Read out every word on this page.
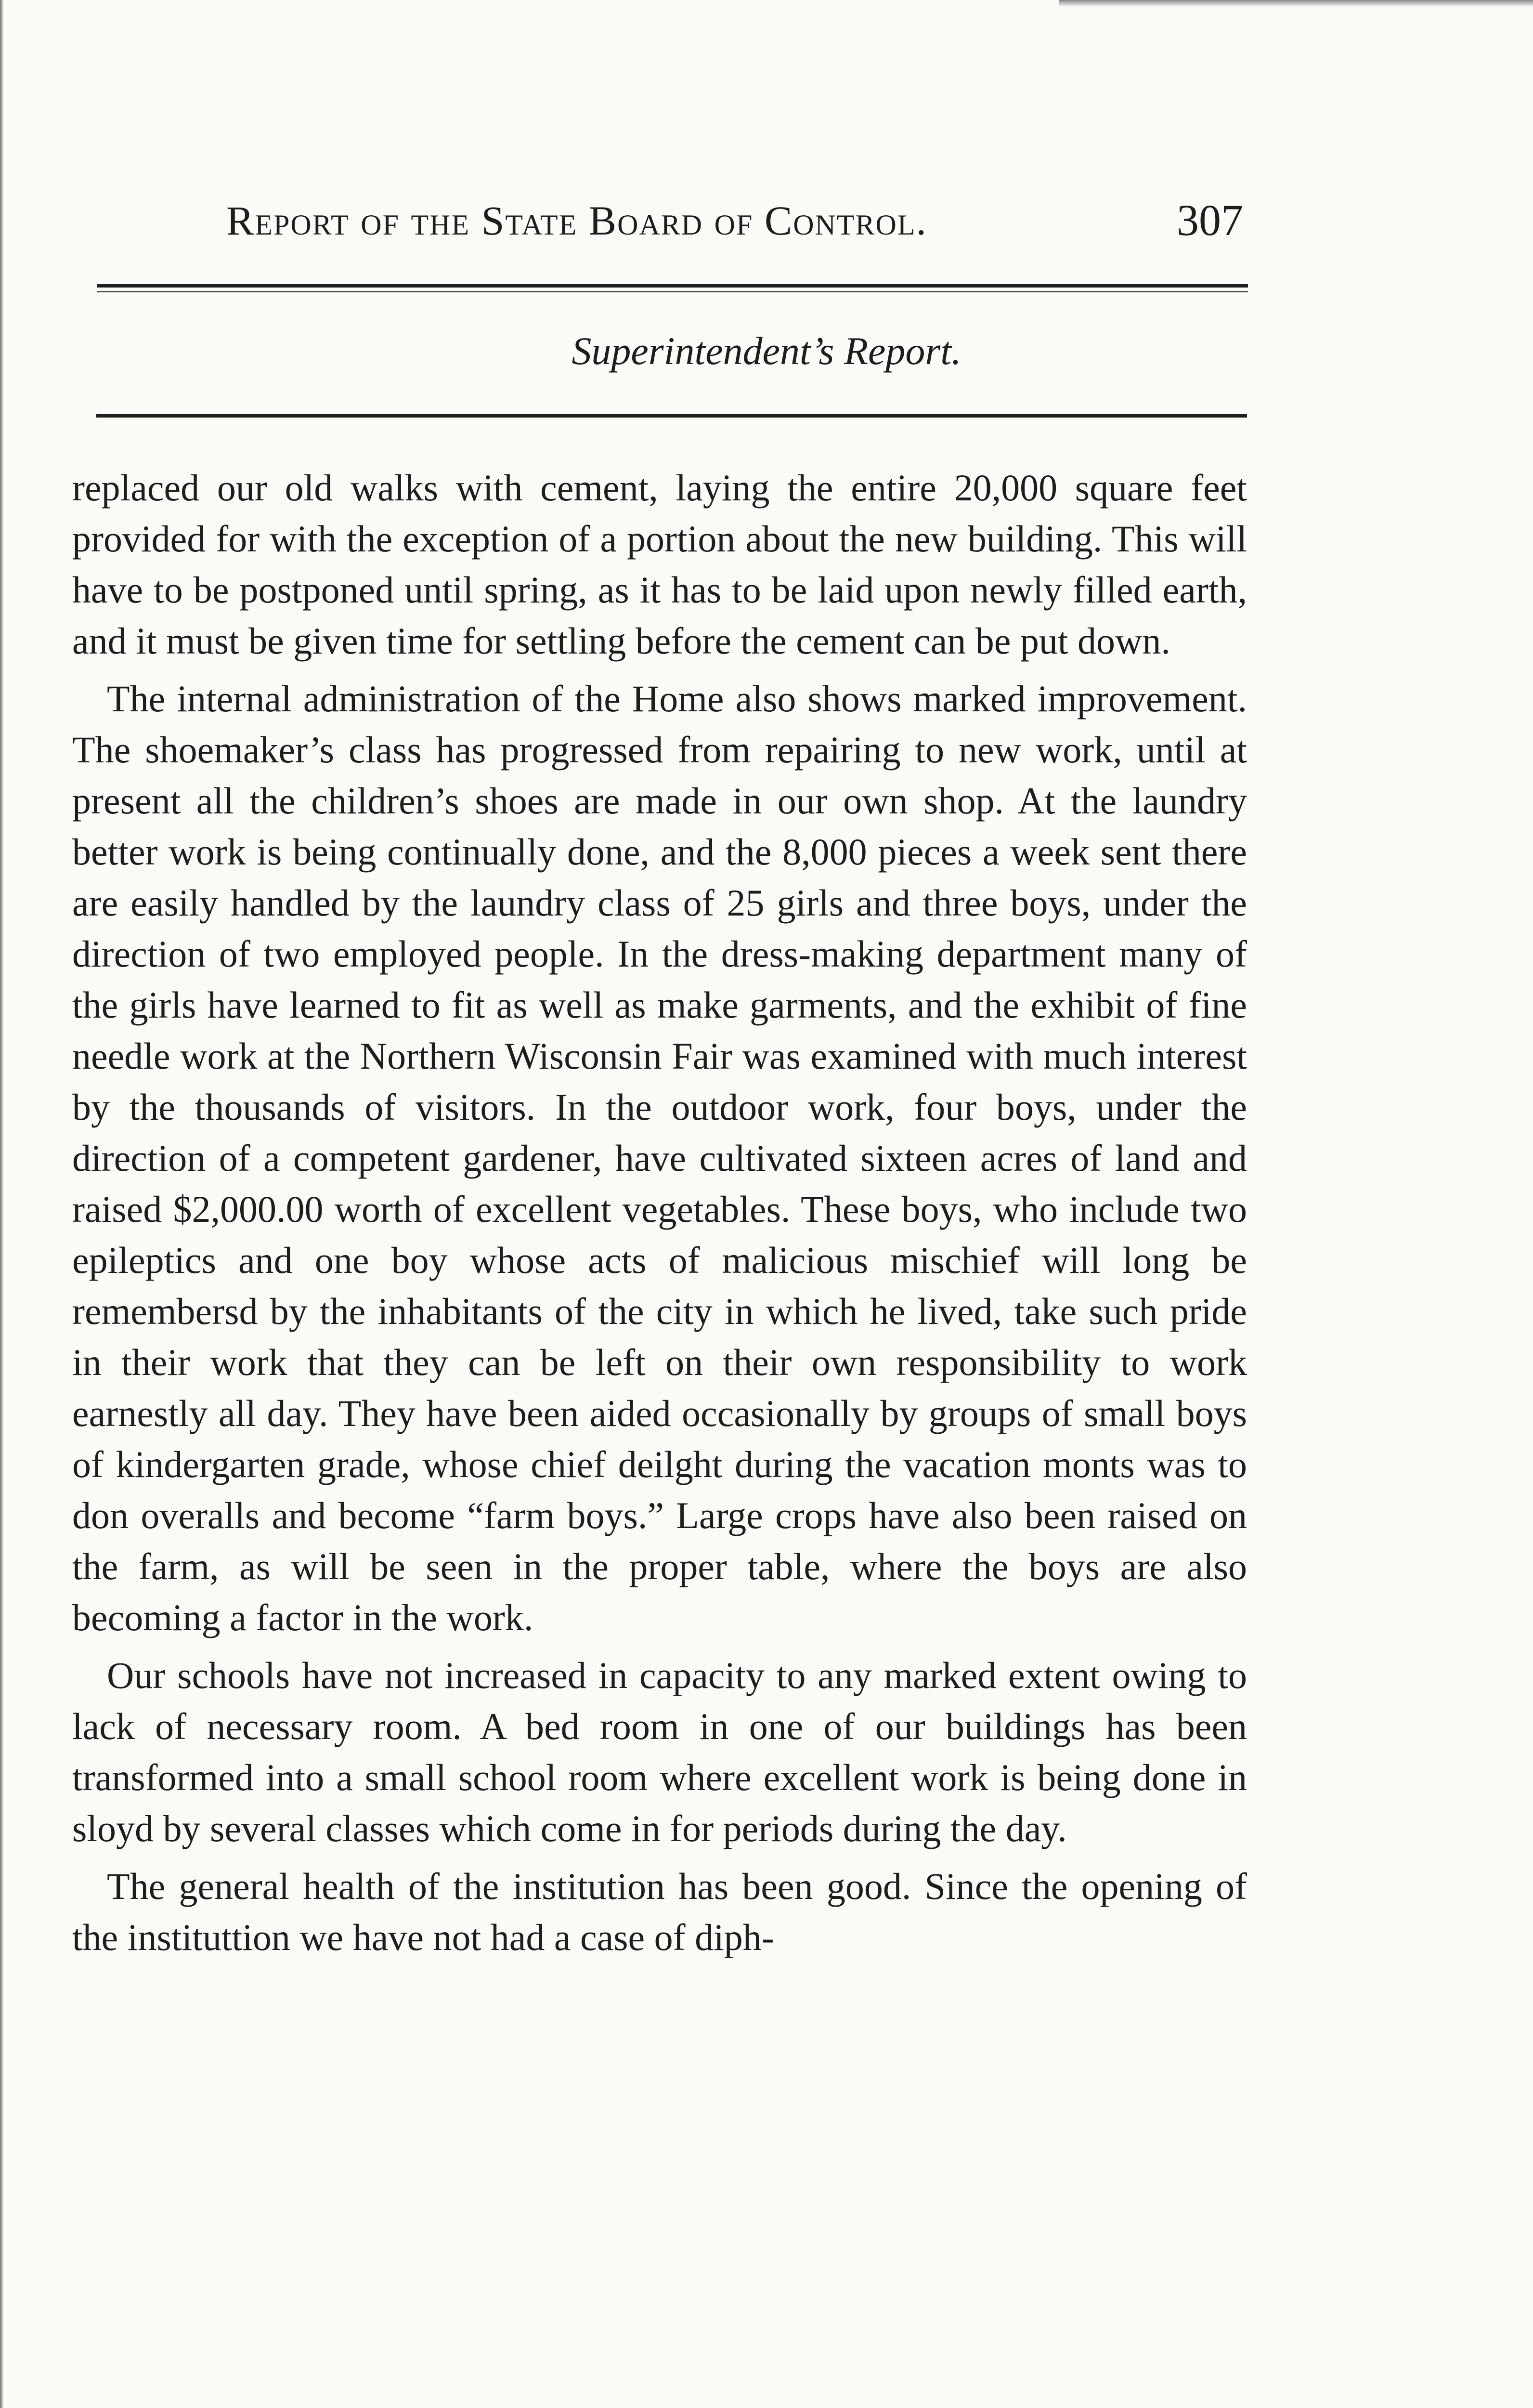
Report of the State Board of Control.	307
Superintendent’s Report.

replaced our old walks with cement, laying the entire 20,000 square feet provided for with the exception of a portion about the new building. This will have to be postponed until spring, as it has to be laid upon newly filled earth, and it must be given time for settling before the cement can be put down.

The internal administration of the Home also shows marked improvement. The shoemaker’s class has progressed from repairing to new work, until at present all the children’s shoes are made in our own shop. At the laundry better work is being continually done, and the 8,000 pieces a week sent there are easily handled by the laundry class of 25 girls and three boys, under the direction of two employed people. In the dress-making department many of the girls have learned to fit as well as make garments, and the exhibit of fine needle work at the Northern Wisconsin Fair was examined with much interest by the thousands of visitors. In the outdoor work, four boys, under the direction of a competent gardener, have cultivated sixteen acres of land and raised $2,000.00 worth of excellent vegetables. These boys, who include two epileptics and one boy whose acts of malicious mischief will long be remembersd by the inhabitants of the city in which he lived, take such pride in their work that they can be left on their own responsibility to work earnestly all day. They have been aided occasionally by groups of small boys of kindergarten grade, whose chief deilght during the vacation monts was to don overalls and become “farm boys.” Large crops have also been raised on the farm, as will be seen in the proper table, where the boys are also becoming a factor in the work.

Our schools have not increased in capacity to any marked extent owing to lack of necessary room. A bed room in one of our buildings has been transformed into a small school room where excellent work is being done in sloyd by several classes which come in for periods during the day.

The general health of the institution has been good. Since the opening of the instituttion we have not had a case of diph-
